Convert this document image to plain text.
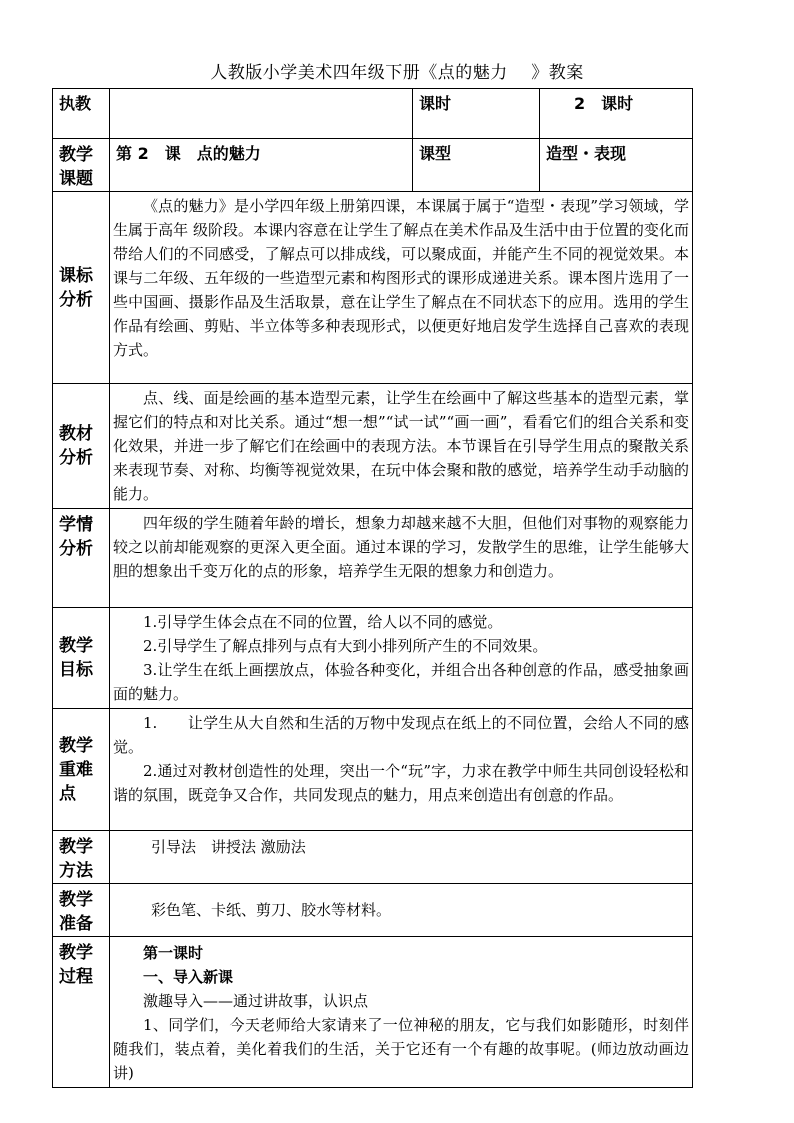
人教版小学美术四年级下册《点的魅力　 》教案
执教		课时	2　课时
教学课题	第 2　课　点的魅力	课型	造型・表现
课标分析	《点的魅力》是小学四年级上册第四课，本课属于属于“造型・表现”学习领域，学生属于高年 级阶段。本课内容意在让学生了解点在美术作品及生活中由于位置的变化而带给人们的不同感受，了解点可以排成线，可以聚成面，并能产生不同的视觉效果。本课与二年级、五年级的一些造型元素和构图形式的课形成递进关系。课本图片选用了一些中国画、摄影作品及生活取景，意在让学生了解点在不同状态下的应用。选用的学生作品有绘画、剪贴、半立体等多种表现形式，以便更好地启发学生选择自己喜欢的表现方式。		

教材分析	点、线、面是绘画的基本造型元素，让学生在绘画中了解这些基本的造型元素，掌握它们的特点和对比关系。通过“想一想”“试一试”“画一画”，看看它们的组合关系和变化效果，并进一步了解它们在绘画中的表现方法。本节课旨在引导学生用点的聚散关系来表现节奏、对称、均衡等视觉效果，在玩中体会聚和散的感觉，培养学生动手动脑的能力。		

学情分析	四年级的学生随着年龄的增长，想象力却越来越不大胆，但他们对事物的观察能力较之以前却能观察的更深入更全面。通过本课的学习，发散学生的思维，让学生能够大胆的想象出千变万化的点的形象，培养学生无限的想象力和创造力。		

教学目标	1.引导学生体会点在不同的位置，给人以不同的感觉。

2.引导学生了解点排列与点有大到小排列所产生的不同效果。

3.让学生在纸上画摆放点，体验各种变化，并组合出各种创意的作品，感受抽象画面的魅力。		

教学重难点	1.　　让学生从大自然和生活的万物中发现点在纸上的不同位置，会给人不同的感觉。

2.通过对教材创造性的处理，突出一个“玩”字，力求在教学中师生共同创设轻松和谐的氛围，既竞争又合作，共同发现点的魅力，用点来创造出有创意的作品。		

教学方法	引导法　讲授法 激励法		

教学准备	彩色笔、卡纸、剪刀、胶水等材料。		

教学过程	第一课时

一、导入新课

激趣导入——通过讲故事，认识点

1、同学们，今天老师给大家请来了一位神秘的朋友，它与我们如影随形，时刻伴随我们，装点着，美化着我们的生活，关于它还有一个有趣的故事呢。(师边放动画边讲)		
